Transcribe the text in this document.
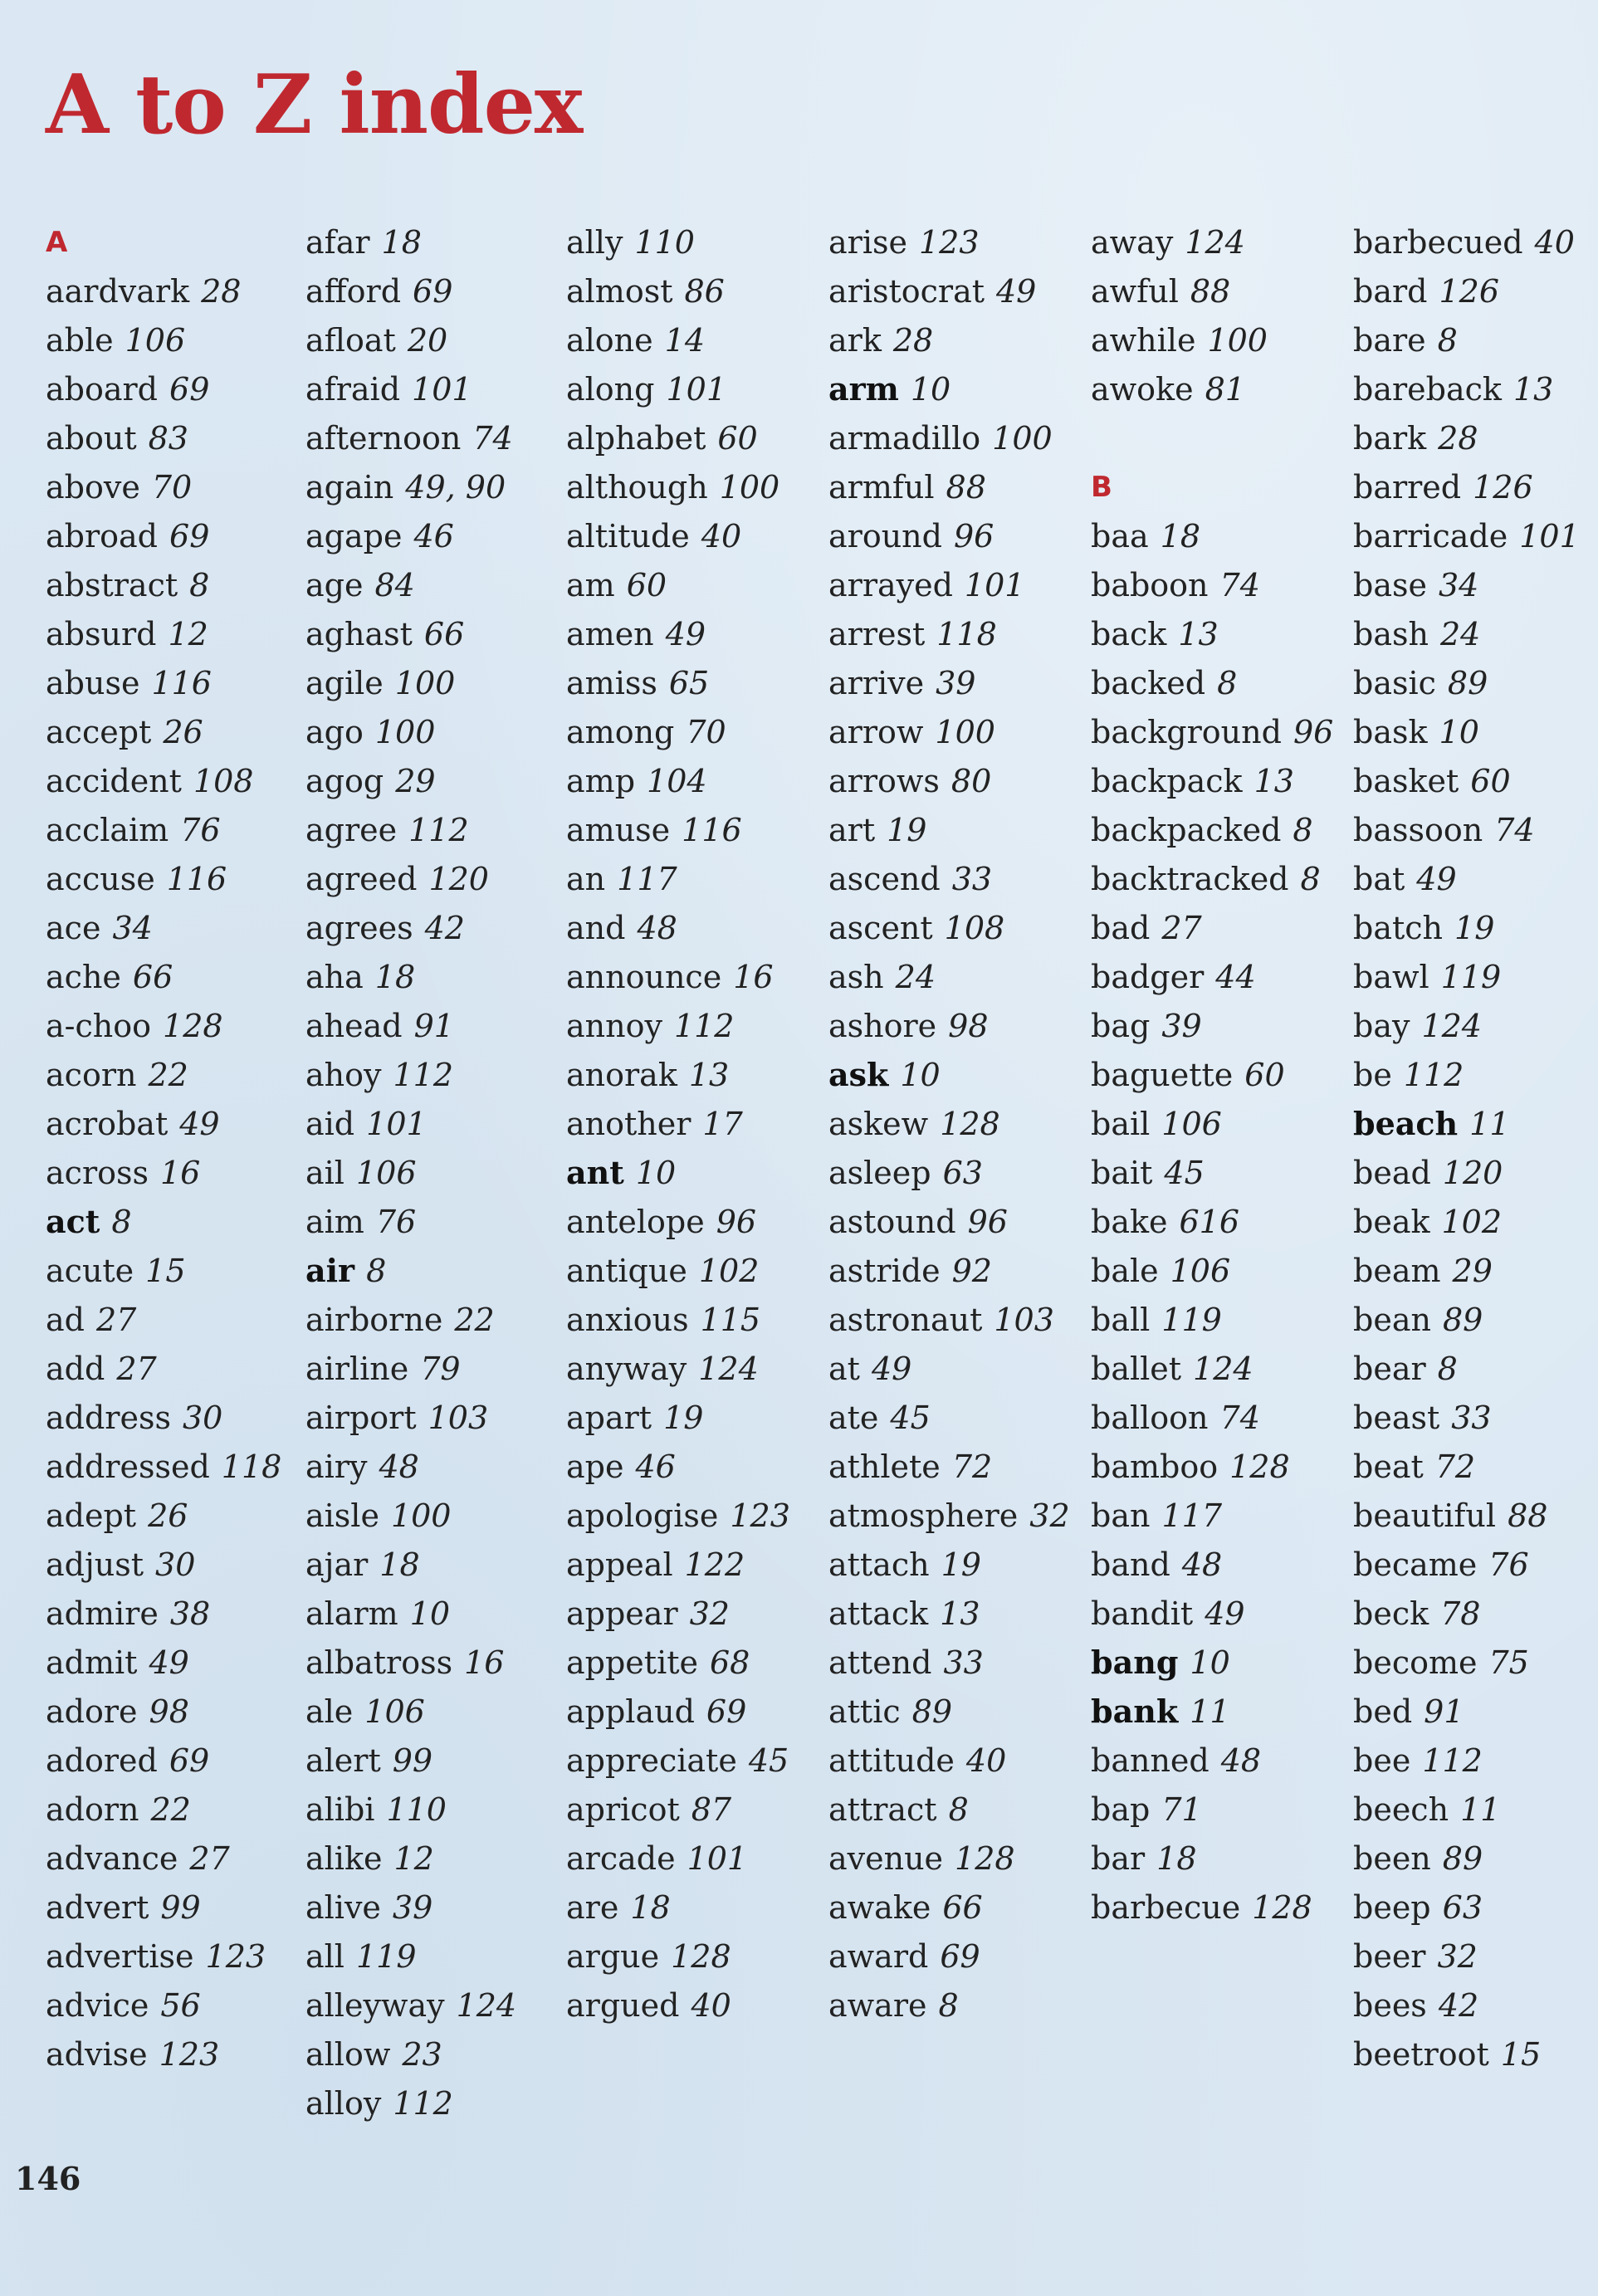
A to Z index
A
aardvark 28
able 106
aboard 69
about 83
above 70
abroad 69
abstract 8
absurd 12
abuse 116
accept 26
accident 108
acclaim 76
accuse 116
ace 34
ache 66
a-choo 128
acorn 22
acrobat 49
across 16
act 8
acute 15
ad 27
add 27
address 30
addressed 118
adept 26
adjust 30
admire 38
admit 49
adore 98
adored 69
adorn 22
advance 27
advert 99
advertise 123
advice 56
advise 123
afar 18
afford 69
afloat 20
afraid 101
afternoon 74
again 49, 90
agape 46
age 84
aghast 66
agile 100
ago 100
agog 29
agree 112
agreed 120
agrees 42
aha 18
ahead 91
ahoy 112
aid 101
ail 106
aim 76
air 8
airborne 22
airline 79
airport 103
airy 48
aisle 100
ajar 18
alarm 10
albatross 16
ale 106
alert 99
alibi 110
alike 12
alive 39
all 119
alleyway 124
allow 23
alloy 112
ally 110
almost 86
alone 14
along 101
alphabet 60
although 100
altitude 40
am 60
amen 49
amiss 65
among 70
amp 104
amuse 116
an 117
and 48
announce 16
annoy 112
anorak 13
another 17
ant 10
antelope 96
antique 102
anxious 115
anyway 124
apart 19
ape 46
apologise 123
appeal 122
appear 32
appetite 68
applaud 69
appreciate 45
apricot 87
arcade 101
are 18
argue 128
argued 40
arise 123
aristocrat 49
ark 28
arm 10
armadillo 100
armful 88
around 96
arrayed 101
arrest 118
arrive 39
arrow 100
arrows 80
art 19
ascend 33
ascent 108
ash 24
ashore 98
ask 10
askew 128
asleep 63
astound 96
astride 92
astronaut 103
at 49
ate 45
athlete 72
atmosphere 32
attach 19
attack 13
attend 33
attic 89
attitude 40
attract 8
avenue 128
awake 66
award 69
aware 8
away 124
awful 88
awhile 100
awoke 81
B
baa 18
baboon 74
back 13
backed 8
background 96
backpack 13
backpacked 8
backtracked 8
bad 27
badger 44
bag 39
baguette 60
bail 106
bait 45
bake 616
bale 106
ball 119
ballet 124
balloon 74
bamboo 128
ban 117
band 48
bandit 49
bang 10
bank 11
banned 48
bap 71
bar 18
barbecue 128
barbecued 40
bard 126
bare 8
bareback 13
bark 28
barred 126
barricade 101
base 34
bash 24
basic 89
bask 10
basket 60
bassoon 74
bat 49
batch 19
bawl 119
bay 124
be 112
beach 11
bead 120
beak 102
beam 29
bean 89
bear 8
beast 33
beat 72
beautiful 88
became 76
beck 78
become 75
bed 91
bee 112
beech 11
been 89
beep 63
beer 32
bees 42
beetroot 15
146
